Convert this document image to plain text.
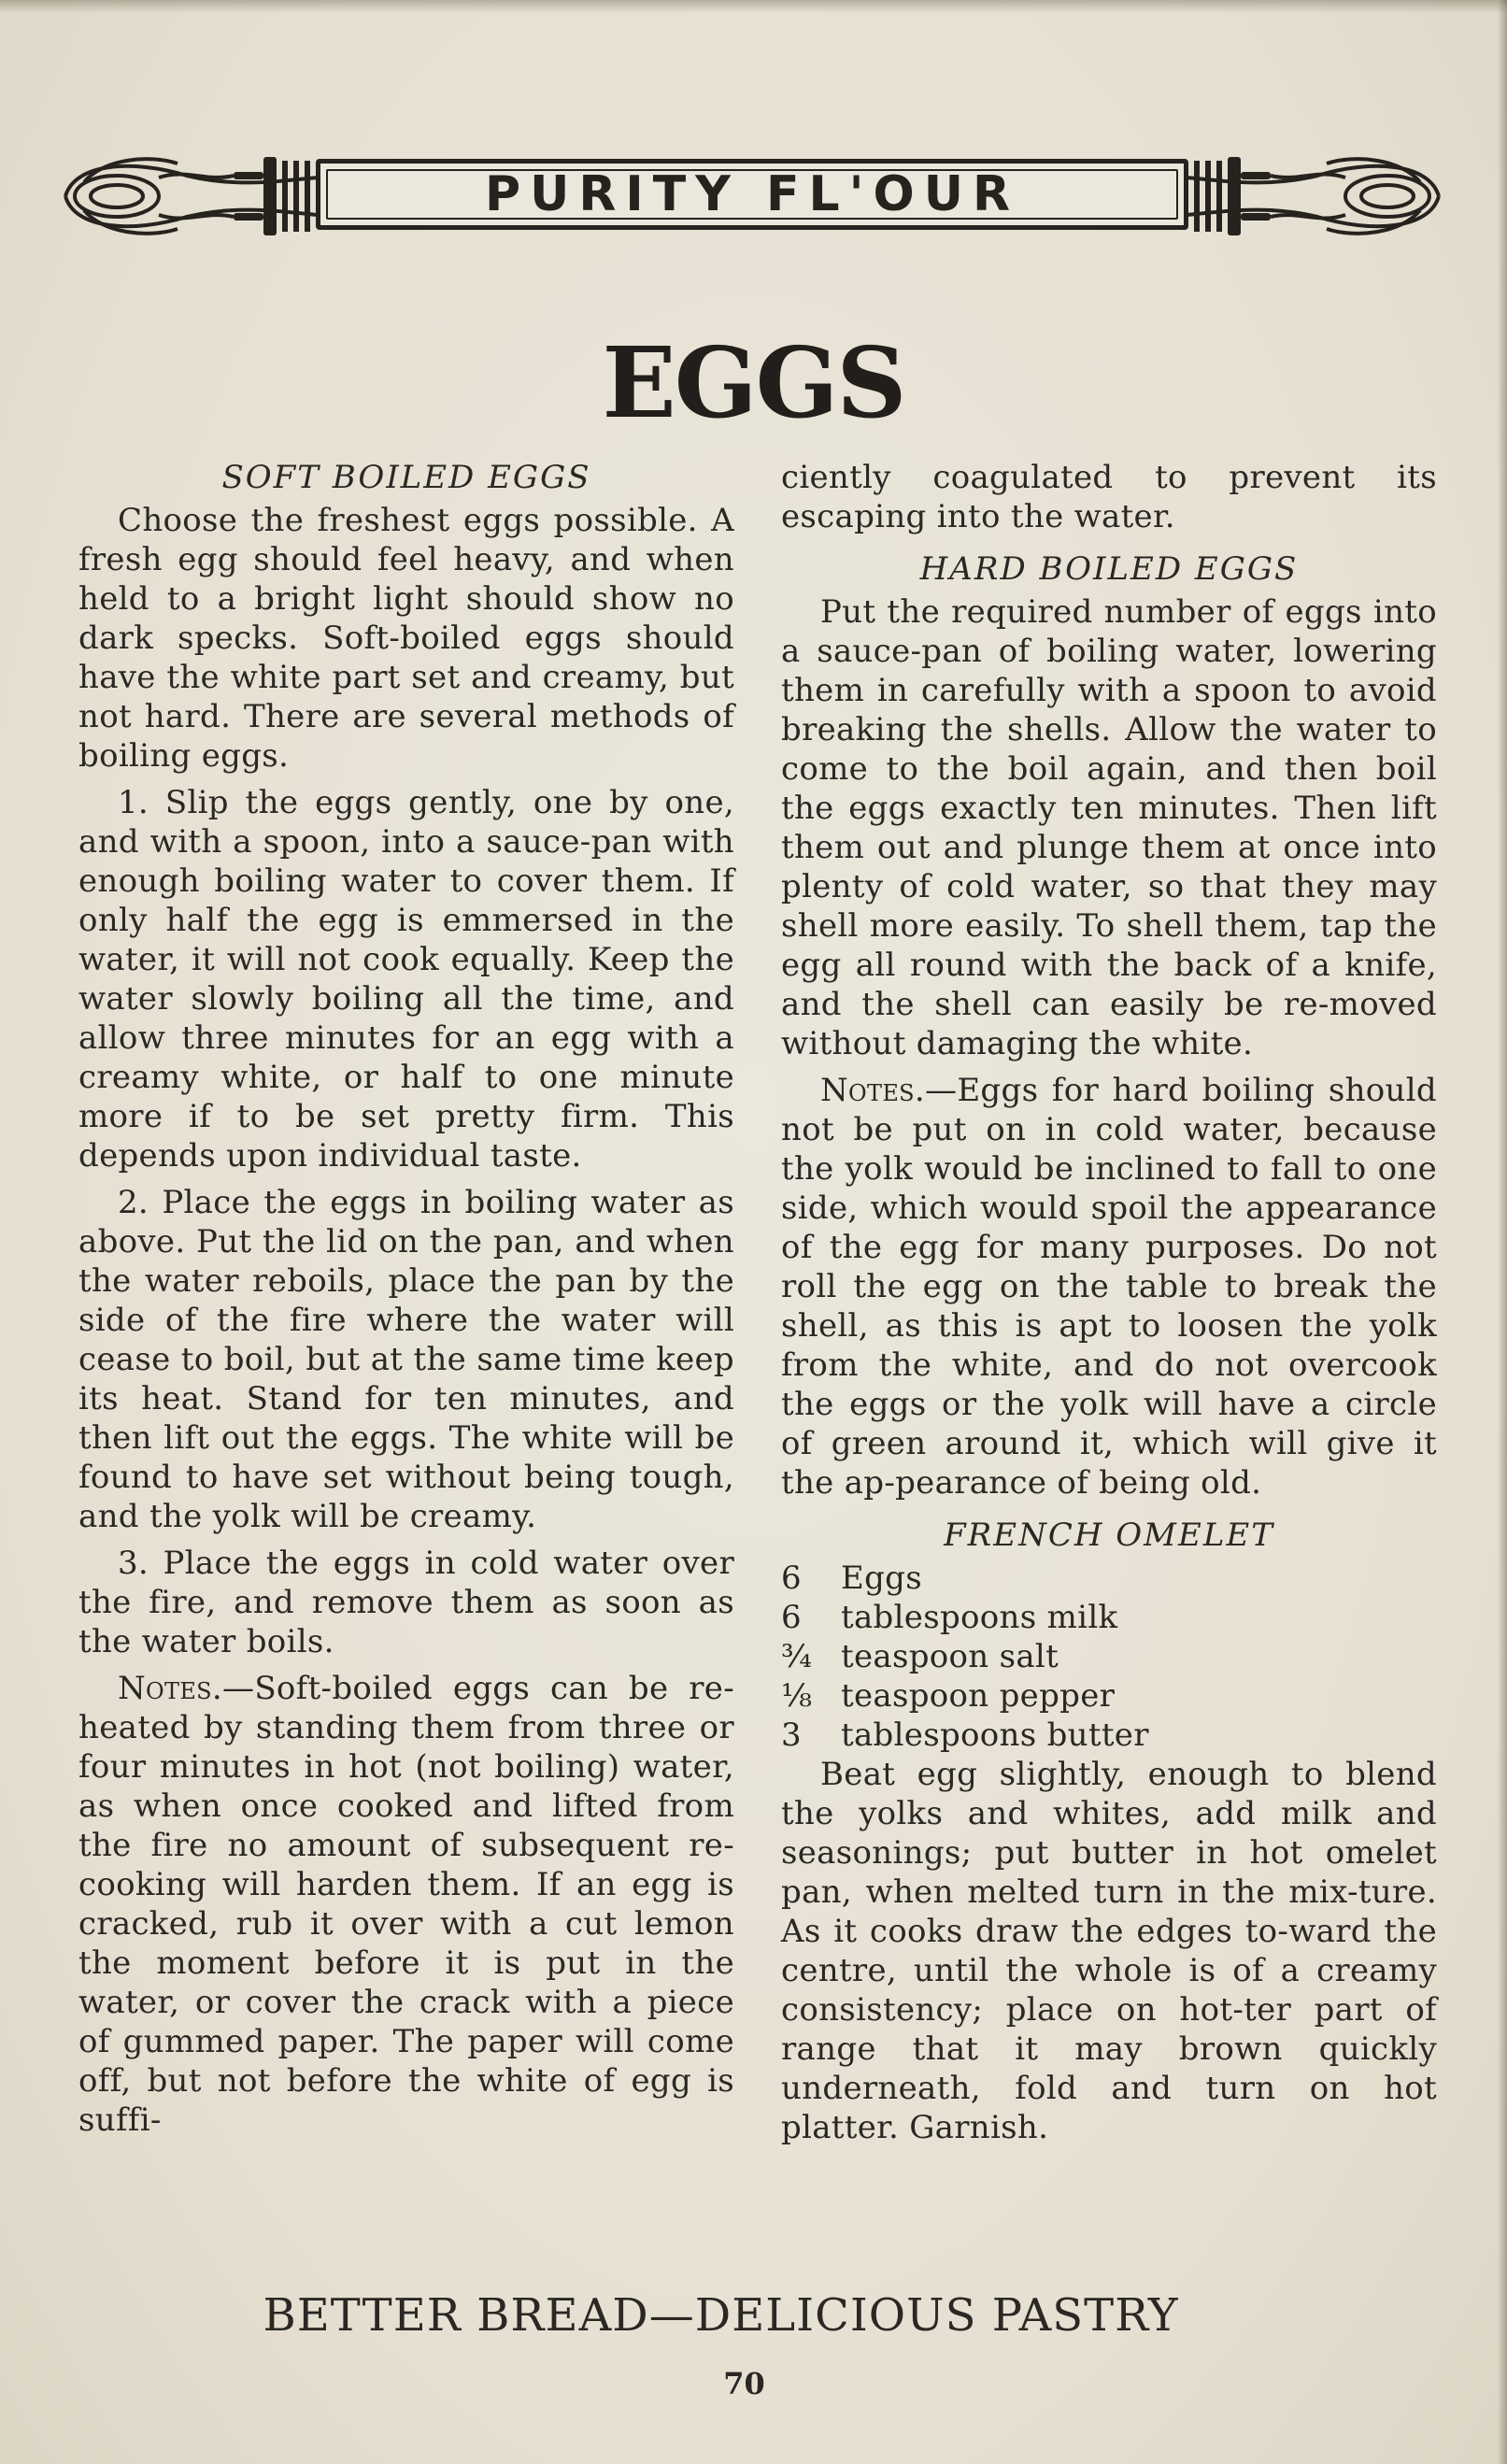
PURITY FL'OUR
EGGS
SOFT BOILED EGGS

Choose the freshest eggs possible. A fresh egg should feel heavy, and when held to a bright light should show no dark specks. Soft-boiled eggs should have the white part set and creamy, but not hard. There are several methods of boiling eggs.

1. Slip the eggs gently, one by one, and with a spoon, into a sauce-pan with enough boiling water to cover them. If only half the egg is emmersed in the water, it will not cook equally. Keep the water slowly boiling all the time, and allow three minutes for an egg with a creamy white, or half to one minute more if to be set pretty firm. This depends upon individual taste.

2. Place the eggs in boiling water as above. Put the lid on the pan, and when the water reboils, place the pan by the side of the fire where the water will cease to boil, but at the same time keep its heat. Stand for ten minutes, and then lift out the eggs. The white will be found to have set without being tough, and the yolk will be creamy.

3. Place the eggs in cold water over the fire, and remove them as soon as the water boils.

Notes.—Soft-boiled eggs can be re-heated by standing them from three or four minutes in hot (not boiling) water, as when once cooked and lifted from the fire no amount of subsequent re-cooking will harden them. If an egg is cracked, rub it over with a cut lemon the moment before it is put in the water, or cover the crack with a piece of gummed paper. The paper will come off, but not before the white of egg is suffi-

ciently coagulated to prevent its escaping into the water.

HARD BOILED EGGS

Put the required number of eggs into a sauce-pan of boiling water, lowering them in carefully with a spoon to avoid breaking the shells. Allow the water to come to the boil again, and then boil the eggs exactly ten minutes. Then lift them out and plunge them at once into plenty of cold water, so that they may shell more easily. To shell them, tap the egg all round with the back of a knife, and the shell can easily be re-moved without damaging the white.

Notes.—Eggs for hard boiling should not be put on in cold water, because the yolk would be inclined to fall to one side, which would spoil the appearance of the egg for many purposes. Do not roll the egg on the table to break the shell, as this is apt to loosen the yolk from the white, and do not overcook the eggs or the yolk will have a circle of green around it, which will give it the ap-pearance of being old.

FRENCH OMELET
6	Eggs
6	tablespoons milk
¾ teaspoon salt
⅛ teaspoon pepper
3	tablespoons butter

Beat egg slightly, enough to blend the yolks and whites, add milk and seasonings; put butter in hot omelet pan, when melted turn in the mix-ture. As it cooks draw the edges to-ward the centre, until the whole is of a creamy consistency; place on hot-ter part of range that it may brown quickly underneath, fold and turn on hot platter. Garnish.

BETTER BREAD—DELICIOUS PASTRY
70
